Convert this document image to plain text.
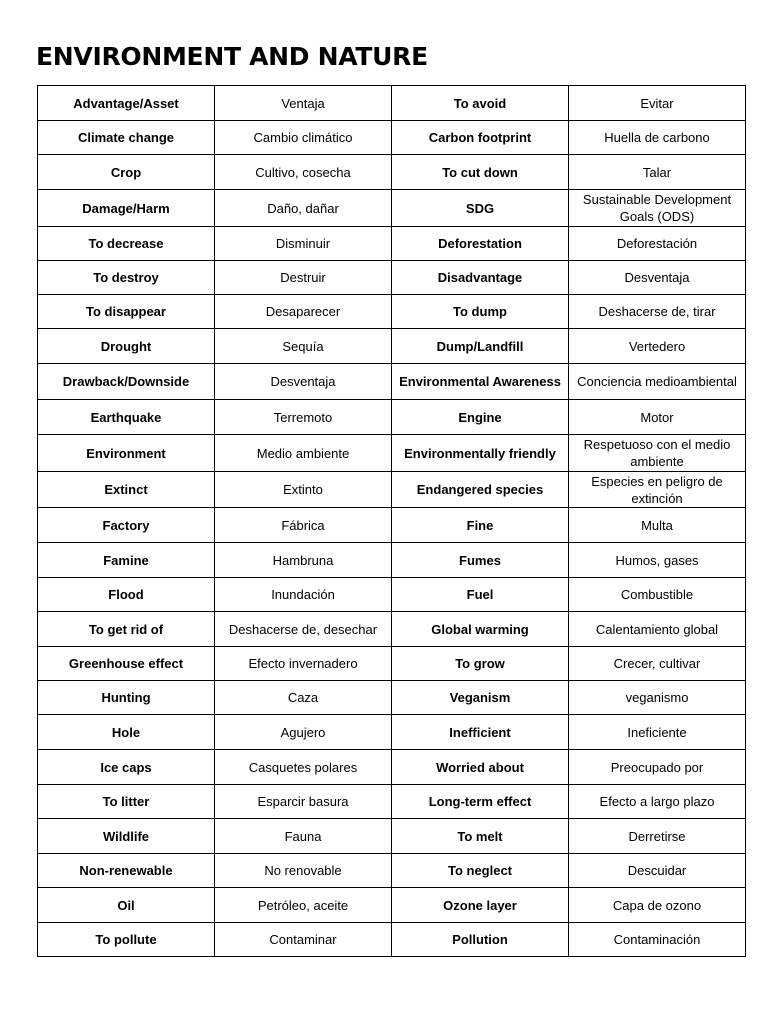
ENVIRONMENT AND NATURE
Advantage/Asset	Ventaja	To avoid	Evitar
Climate change	Cambio climático	Carbon footprint	Huella de carbono
Crop	Cultivo, cosecha	To cut down	Talar
Damage/Harm	Daño, dañar	SDG	Sustainable Development Goals (ODS)
To decrease	Disminuir	Deforestation	Deforestación
To destroy	Destruir	Disadvantage	Desventaja
To disappear	Desaparecer	To dump	Deshacerse de, tirar
Drought	Sequía	Dump/Landfill	Vertedero
Drawback/Downside	Desventaja	Environmental Awareness	Conciencia medioambiental
Earthquake	Terremoto	Engine	Motor
Environment	Medio ambiente	Environmentally friendly	Respetuoso con el medio ambiente
Extinct	Extinto	Endangered species	Especies en peligro de extinción
Factory	Fábrica	Fine	Multa
Famine	Hambruna	Fumes	Humos, gases
Flood	Inundación	Fuel	Combustible
To get rid of	Deshacerse de, desechar	Global warming	Calentamiento global
Greenhouse effect	Efecto invernadero	To grow	Crecer, cultivar
Hunting	Caza	Veganism	veganismo
Hole	Agujero	Inefficient	Ineficiente
Ice caps	Casquetes polares	Worried about	Preocupado por
To litter	Esparcir basura	Long-term effect	Efecto a largo plazo
Wildlife	Fauna	To melt	Derretirse
Non-renewable	No renovable	To neglect	Descuidar
Oil	Petróleo, aceite	Ozone layer	Capa de ozono
To pollute	Contaminar	Pollution	Contaminación
